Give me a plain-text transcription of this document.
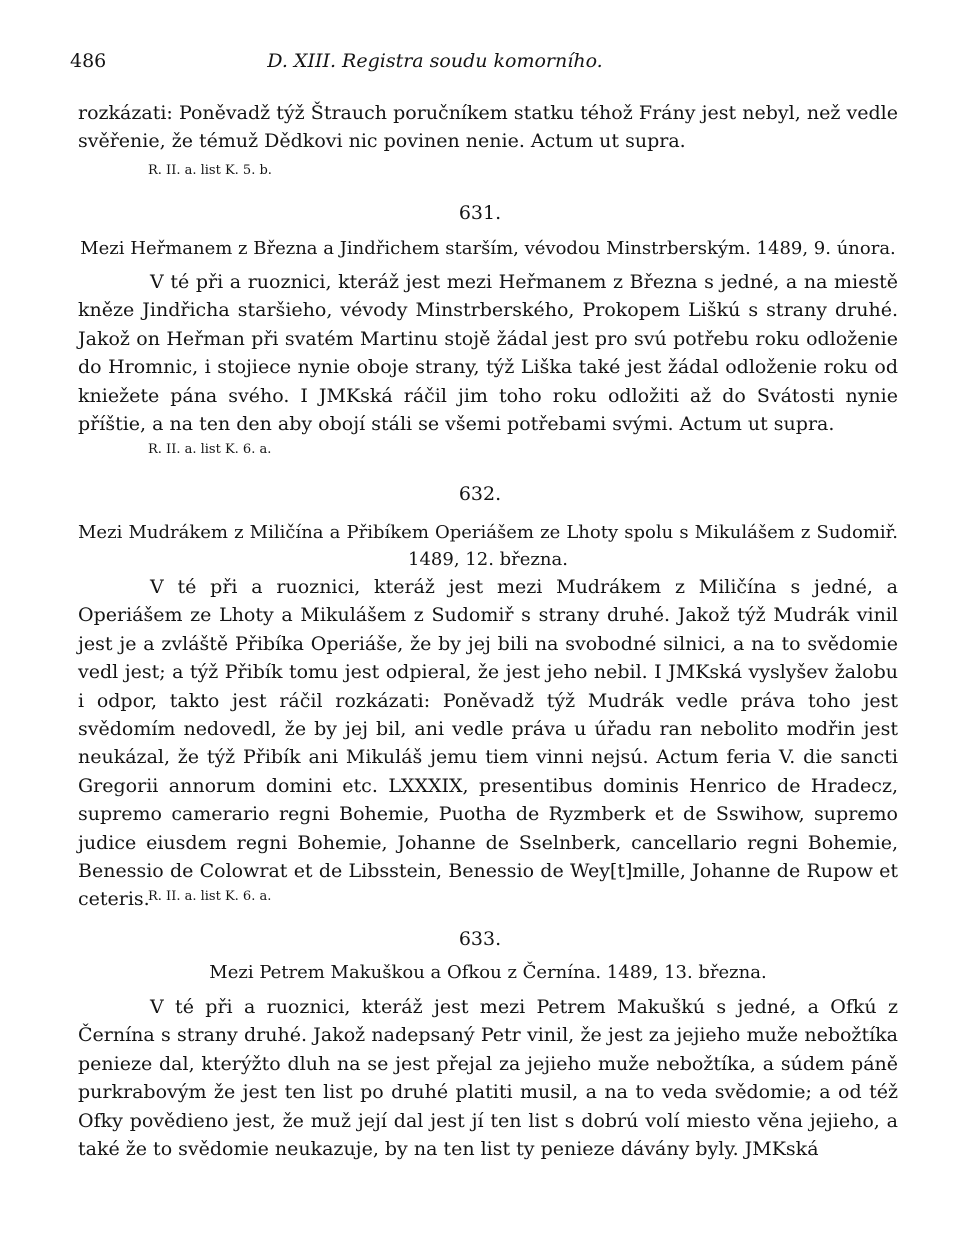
486	D. XIII. Registra soudu komorního.
rozkázati: Poněvadž týž Štrauch poručníkem statku téhož Frány jest nebyl, než vedle svěřenie, že témuž Dědkovi nic povinen nenie. Actum ut supra.
R. II. a. list K. 5. b.
631.
Mezi Heřmanem z Března a Jindřichem starším, vévodou Minstrberským. 1489, 9. února.
V té při a ruoznici, kteráž jest mezi Heřmanem z Března s jedné, a na miestě kněze Jindřicha staršieho, vévody Minstrberského, Prokopem Liškú s strany druhé. Jakož on Heřman při svatém Martinu stojě žádal jest pro svú potřebu roku odloženie do Hromnic, i stojiece nynie oboje strany, týž Liška také jest žádal odloženie roku od kniežete pána svého. I JMKská ráčil jim toho roku odložiti až do Svátosti nynie příštie, a na ten den aby obojí stáli se všemi potřebami svými. Actum ut supra.
R. II. a. list K. 6. a.
632.
Mezi Mudrákem z Miličína a Přibíkem Operiášem ze Lhoty spolu s Mikulášem z Sudomiř.
1489, 12. března.
V té při a ruoznici, kteráž jest mezi Mudrákem z Miličína s jedné, a Operiášem ze Lhoty a Mikulášem z Sudomiř s strany druhé. Jakož týž Mudrák vinil jest je a zvláště Přibíka Operiáše, že by jej bili na svobodné silnici, a na to svědomie vedl jest; a týž Přibík tomu jest odpieral, že jest jeho nebil. I JMKská vyslyšev žalobu i odpor, takto jest ráčil rozkázati: Poněvadž týž Mudrák vedle práva toho jest svědomím nedovedl, že by jej bil, ani vedle práva u úřadu ran nebolito modřin jest neukázal, že týž Přibík ani Mikuláš jemu tiem vinni nejsú. Actum feria V. die sancti Gregorii annorum domini etc. LXXXIX, presentibus dominis Henrico de Hradecz, supremo camerario regni Bohemie, Puotha de Ryzmberk et de Sswihow, supremo judice eiusdem regni Bohemie, Johanne de Sselnberk, cancellario regni Bohemie, Benessio de Colowrat et de Libsstein, Benessio de Wey[t]mille, Johanne de Rupow et ceteris.
R. II. a. list K. 6. a.
633.
Mezi Petrem Makuškou a Ofkou z Černína. 1489, 13. března.
V té při a ruoznici, kteráž jest mezi Petrem Makuškú s jedné, a Ofkú z Černína s strany druhé. Jakož nadepsaný Petr vinil, že jest za jejieho muže nebožtíka penieze dal, kterýžto dluh na se jest přejal za jejieho muže nebožtíka, a súdem páně purkrabovým že jest ten list po druhé platiti musil, a na to veda svědomie; a od též Ofky povědieno jest, že muž její dal jest jí ten list s dobrú volí miesto věna jejieho, a také že to svědomie neukazuje, by na ten list ty penieze dávány byly. JMKská
